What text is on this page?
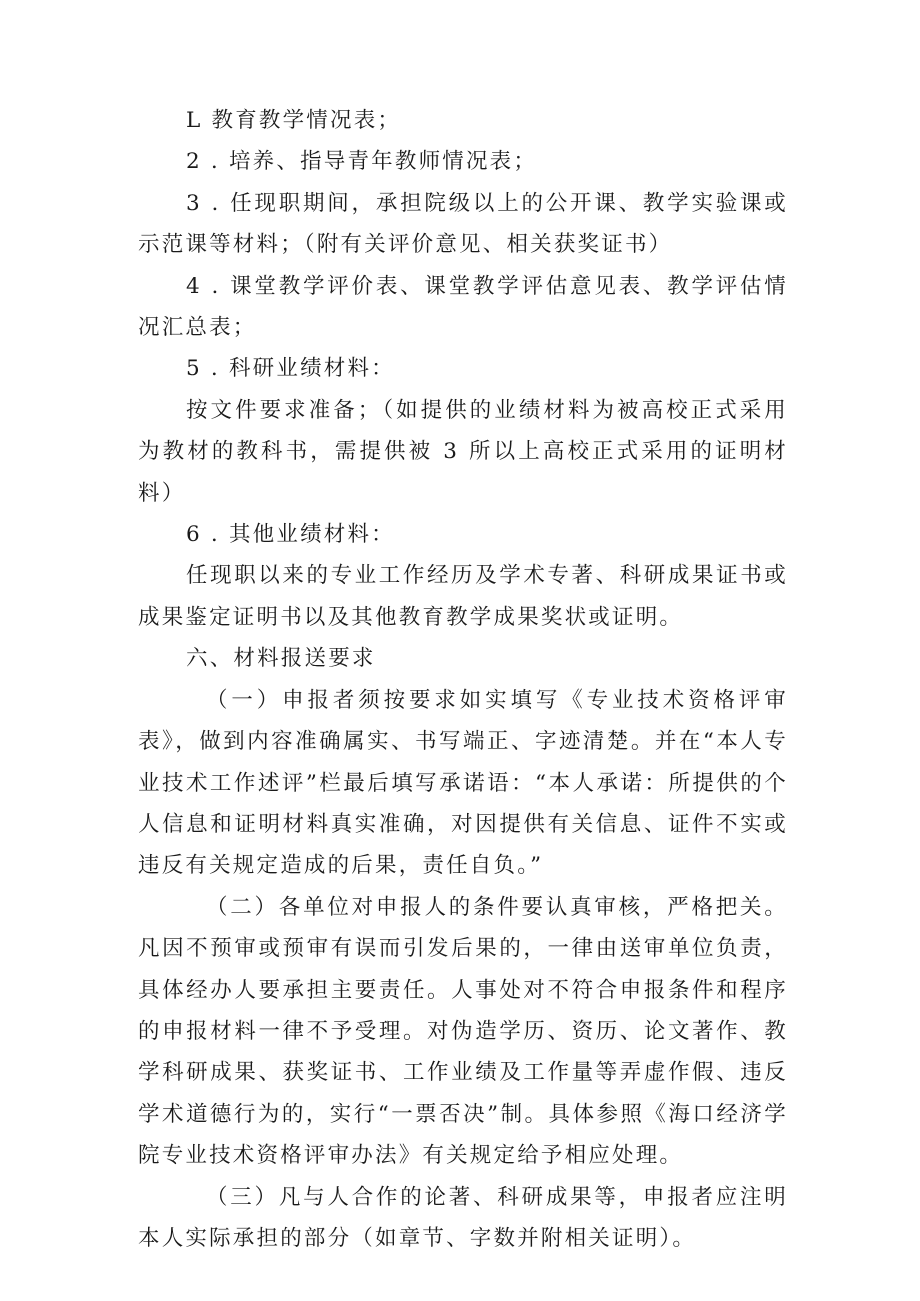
L 教育教学情况表；

2 . 培养、指导青年教师情况表；

3 . 任现职期间，承担院级以上的公开课、教学实验课或示范课等材料；（附有关评价意见、相关获奖证书）

4 . 课堂教学评价表、课堂教学评估意见表、教学评估情况汇总表；

5 . 科研业绩材料：

按文件要求准备；（如提供的业绩材料为被高校正式采用为教材的教科书，需提供被 3 所以上高校正式采用的证明材料）

6 . 其他业绩材料：

任现职以来的专业工作经历及学术专著、科研成果证书或成果鉴定证明书以及其他教育教学成果奖状或证明。

六、材料报送要求

（一）申报者须按要求如实填写《专业技术资格评审表》，做到内容准确属实、书写端正、字迹清楚。并在“本人专业技术工作述评”栏最后填写承诺语：“本人承诺：所提供的个人信息和证明材料真实准确，对因提供有关信息、证件不实或违反有关规定造成的后果，责任自负。”

（二）各单位对申报人的条件要认真审核，严格把关。凡因不预审或预审有误而引发后果的，一律由送审单位负责，具体经办人要承担主要责任。人事处对不符合申报条件和程序的申报材料一律不予受理。对伪造学历、资历、论文著作、教学科研成果、获奖证书、工作业绩及工作量等弄虚作假、违反学术道德行为的，实行“一票否决”制。具体参照《海口经济学院专业技术资格评审办法》有关规定给予相应处理。

（三）凡与人合作的论著、科研成果等，申报者应注明本人实际承担的部分（如章节、字数并附相关证明）。
